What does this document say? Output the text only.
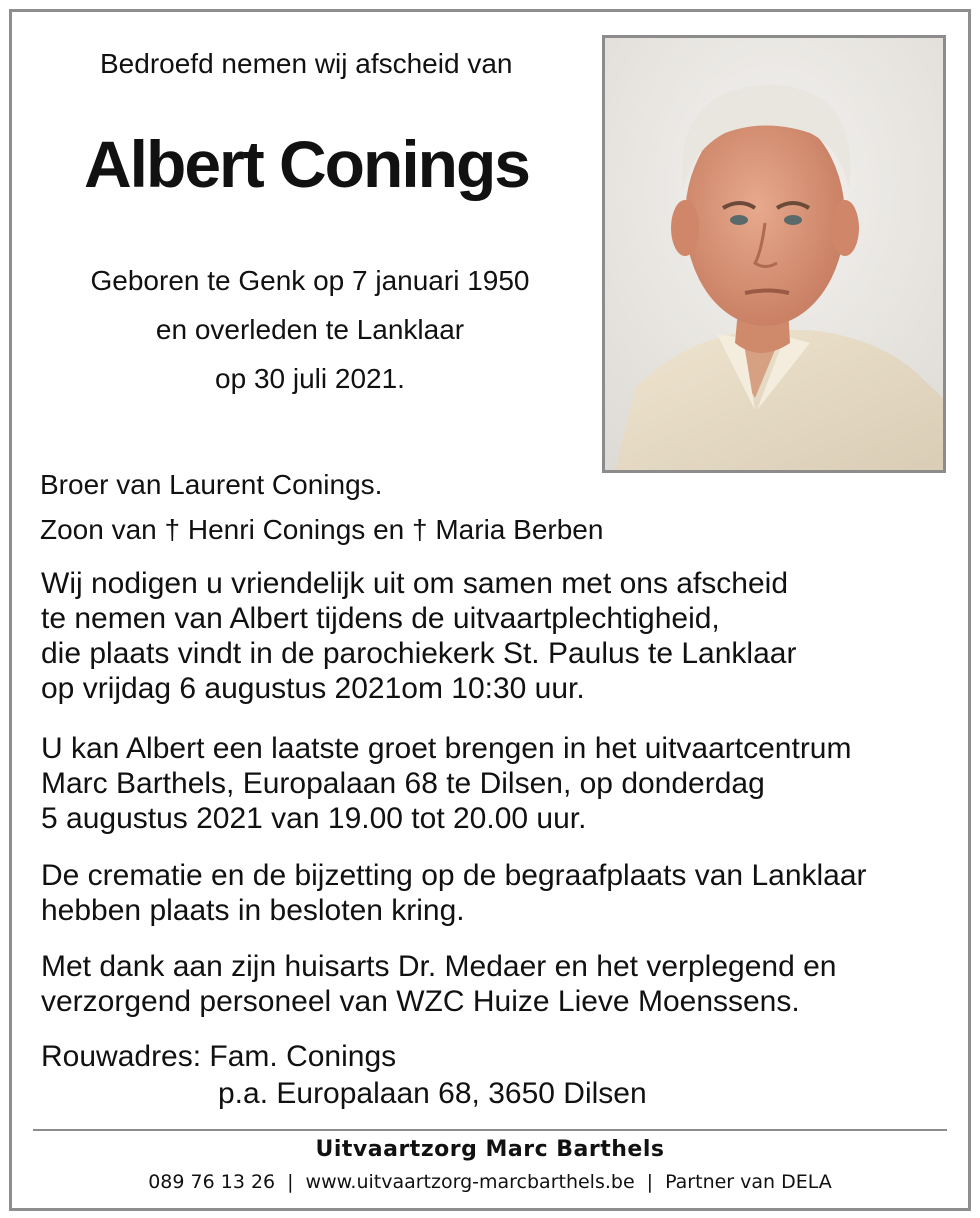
Bedroefd nemen wij afscheid van
Albert Conings
Geboren te Genk op 7 januari 1950
en overleden te Lanklaar
op 30 juli 2021.
Broer van Laurent Conings.
Zoon van † Henri Conings en † Maria Berben
Wij nodigen u vriendelijk uit om samen met ons afscheid
te nemen van Albert tijdens de uitvaartplechtigheid,
die plaats vindt in de parochiekerk St. Paulus te Lanklaar
op vrijdag 6 augustus 2021om 10:30 uur.
U kan Albert een laatste groet brengen in het uitvaartcentrum
Marc Barthels, Europalaan 68 te Dilsen, op donderdag
5 augustus 2021 van 19.00 tot 20.00 uur.
De crematie en de bijzetting op de begraafplaats van Lanklaar
hebben plaats in besloten kring.
Met dank aan zijn huisarts Dr. Medaer en het verplegend en
verzorgend personeel van WZC Huize Lieve Moenssens.
Rouwadres: Fam. Conings
p.a. Europalaan 68, 3650 Dilsen
Uitvaartzorg Marc Barthels
089 76 13 26 | www.uitvaartzorg-marcbarthels.be | Partner van DELA
